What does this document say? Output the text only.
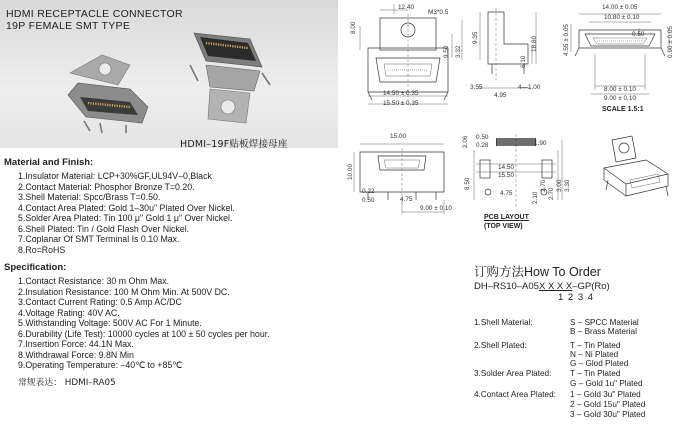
HDMI RECEPTACLE CONNECTOR
19P FEMALE SMT TYPE
HDMI–19F贴板焊接母座
12.40
M3*0.5
8.00
9.50 3.32
14.50 ± 0.35
15.50 ± 0.35
9.35
6.10
18.80
3.55
4.95
4—1.00
14.00 ± 0.05
10.80 ± 0.10
0.50
4.55 ± 0.05	0.90 ± 0.05
8.00 ± 0.10
9.00 ± 0.10
SCALE 1.5:1
15.00
10.00
0.22
0.50	4.75
9.00 ± 0.10
0.50
0.28
2.06	1.90
14.50
15.50
8.50
4.75
2.70
2.70
3.00 3.30
2.10
PCB LAYOUT
(TOP VIEW)
Material and Finish:
1.Insulator Material: LCP+30%GF,UL94V–0,Black
2.Contact Material: Phosphor Bronze T=0.20.
3.Shell Material: Spcc/Brass T=0.50.
4.Contact Area Plated: Gold 1–30u" Plated Over Nickel.
5.Solder Area Plated: Tin 100 μ" Gold 1 μ" Over Nickel.
6.Shell Plated: Tin / Gold Flash Over Nickel.
7.Coplanar Of SMT Terminal Is 0.10 Max.
8.Ro=RoHS
Specification:
1.Contact Resistance: 30 m Ohm Max.
2.Insulation Resistance: 100 M Ohm Min. At 500V DC.
3.Contact Current Rating: 0.5 Amp AC/DC
4.Voltage Rating: 40V AC.
5.Withstanding Voltage: 500V AC For 1 Minute.
6.Durability (Life Test): 10000 cycles at 100 ± 50 cycles per hour.
7.Insertion Force: 44.1N Max.
8.Withdrawal Force: 9.8N Min
9.Operating Temperature: –40℃ to +85℃
常规表达： HDMI–RA05
订购方法How To Order
DH–RS10–A05X X X X–GP(Ro)
1 2 3 4
1.Shell Material:	S – SPCC Material
B – Brass Material
2.Shell Plated:	T – Tin Plated
N – Ni Plated
G – Glod Plated
3.Solder Area Plated: T – Tin Plated
G – Gold 1u" Plated
4.Contact Area Plated: 1 – Gold 3u" Plated
2 – Gold 15u" Plated
3 – Gold 30u" Plated
